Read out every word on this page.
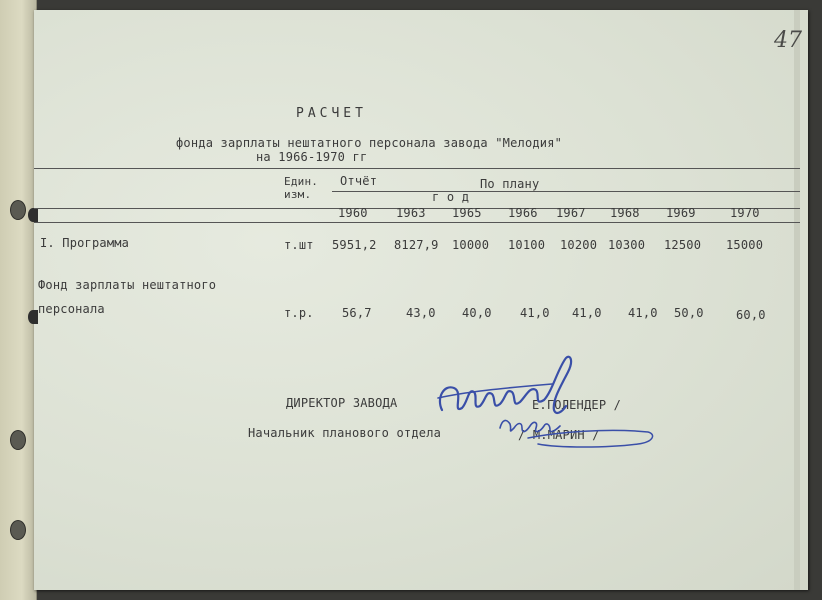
47
РАСЧЕТ
фонда зарплаты нештатного персонала завода "Мелодия"
на 1966-1970 гг
Един.
изм.
Отчёт	По плану
г о д
1960 1963 1965 1966 1967 1968 1969	1970
I. Программа	т.шт 5951,2 8127,9 10000 10100 10200 10300 12500 15000
Фонд зарплаты нештатного
персонала	т.р. 56,7	43,0 40,0 41,0 41,0 41,0 50,0	60,0
ДИРЕКТОР ЗАВОДА	Е.ГОЛЕНДЕР /
Начальник планового отдела	/ М.МАРИН /
